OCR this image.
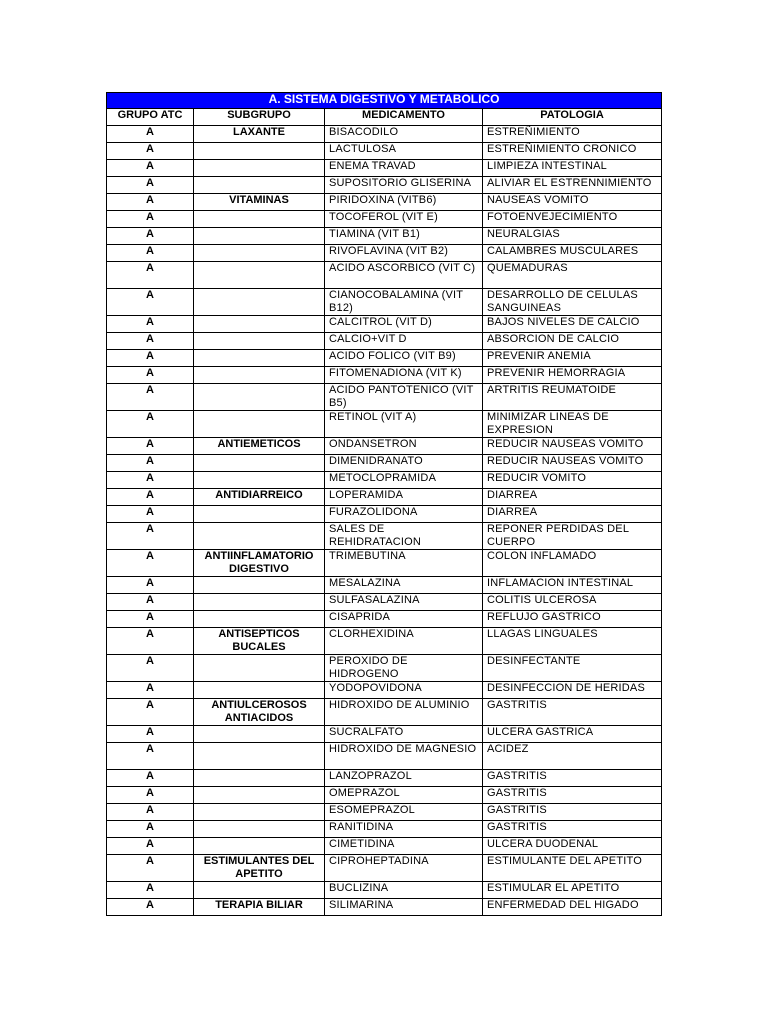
A. SISTEMA DIGESTIVO Y METABOLICO			
GRUPO ATC	SUBGRUPO	MEDICAMENTO	PATOLOGIA
A	LAXANTE	BISACODILO	ESTREÑIMIENTO
A		LACTULOSA	ESTREÑIMIENTO CRONICO
A		ENEMA TRAVAD	LIMPIEZA INTESTINAL
A		SUPOSITORIO GLISERINA	ALIVIAR EL ESTRENNIMIENTO
A	VITAMINAS	PIRIDOXINA (VITB6)	NAUSEAS VOMITO
A		TOCOFEROL (VIT E)	FOTOENVEJECIMIENTO
A		TIAMINA (VIT B1)	NEURALGIAS
A		RIVOFLAVINA (VIT B2)	CALAMBRES MUSCULARES
A		ACIDO ASCORBICO (VIT C)	QUEMADURAS
A		CIANOCOBALAMINA (VIT B12)	DESARROLLO DE CELULAS SANGUINEAS
A		CALCITROL (VIT D)	BAJOS NIVELES DE CALCIO
A		CALCIO+VIT D	ABSORCION DE CALCIO
A		ACIDO FOLICO (VIT B9)	PREVENIR ANEMIA
A		FITOMENADIONA (VIT K)	PREVENIR HEMORRAGIA
A		ACIDO PANTOTENICO (VIT B5)	ARTRITIS REUMATOIDE
A		RETINOL (VIT A)	MINIMIZAR LINEAS DE EXPRESION
A	ANTIEMETICOS	ONDANSETRON	REDUCIR NAUSEAS VOMITO
A		DIMENIDRANATO	REDUCIR NAUSEAS VOMITO
A		METOCLOPRAMIDA	REDUCIR VOMITO
A	ANTIDIARREICO	LOPERAMIDA	DIARREA
A		FURAZOLIDONA	DIARREA
A		SALES DE REHIDRATACION	REPONER PERDIDAS DEL CUERPO
A	ANTIINFLAMATORIO DIGESTIVO	TRIMEBUTINA	COLON INFLAMADO
A		MESALAZINA	INFLAMACION INTESTINAL
A		SULFASALAZINA	COLITIS ULCEROSA
A		CISAPRIDA	REFLUJO GASTRICO
A	ANTISEPTICOS BUCALES	CLORHEXIDINA	LLAGAS LINGUALES
A		PEROXIDO DE HIDROGENO	DESINFECTANTE
A		YODOPOVIDONA	DESINFECCION DE HERIDAS
A	ANTIULCEROSOS ANTIACIDOS	HIDROXIDO DE ALUMINIO	GASTRITIS
A		SUCRALFATO	ULCERA GASTRICA
A		HIDROXIDO DE MAGNESIO	ACIDEZ
A		LANZOPRAZOL	GASTRITIS
A		OMEPRAZOL	GASTRITIS
A		ESOMEPRAZOL	GASTRITIS
A		RANITIDINA	GASTRITIS
A		CIMETIDINA	ULCERA DUODENAL
A	ESTIMULANTES DEL APETITO	CIPROHEPTADINA	ESTIMULANTE DEL APETITO
A		BUCLIZINA	ESTIMULAR EL APETITO
A	TERAPIA BILIAR	SILIMARINA	ENFERMEDAD DEL HIGADO
